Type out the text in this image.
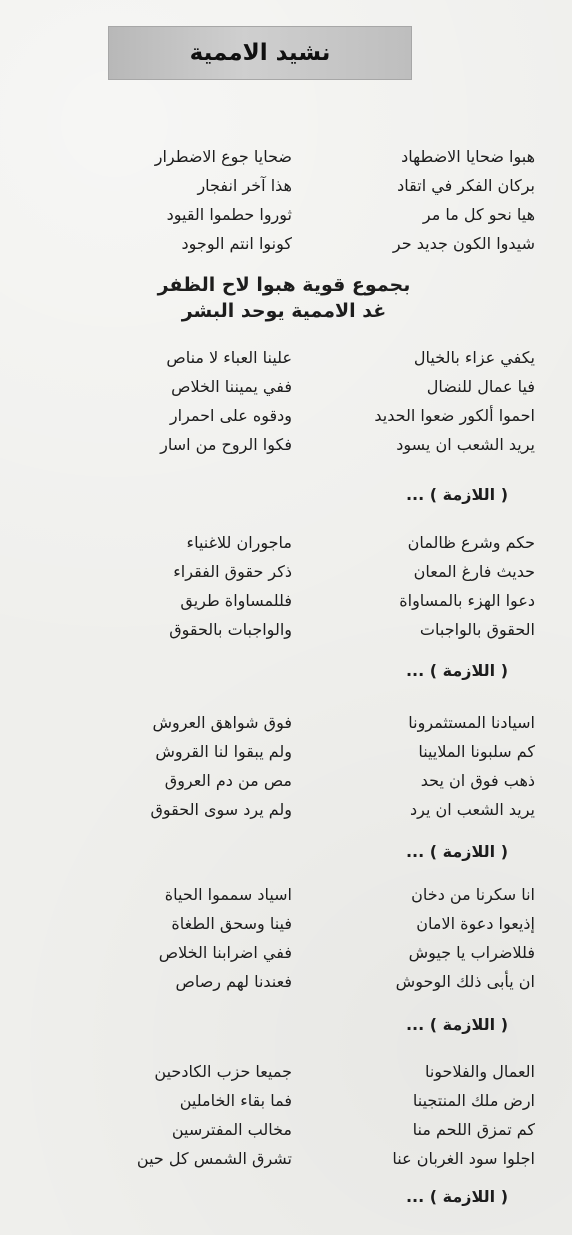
نشيد الاممية
هبوا ضحايا الاضطهاد
بركان الفكر في اتقاد
هيا نحو كل ما مر
شيدوا الكون جديد حر
ضحايا جوع الاضطرار
هذا آخر انفجار
ثوروا حطموا القيود
كونوا انتم الوجود
بجموع قوية هبوا لاح الظفر
غد الاممية يوحد البشر
يكفي عزاء بالخيال
فيا عمال للنضال
احموا ألكور ضعوا الحديد
يريد الشعب ان يسود
علينا العباء لا مناص
ففي يميننا الخلاص
ودقوه على احمرار
فكوا الروح من اسار
( اللازمة ) ...
حكم وشرع ظالمان
حديث فارغ المعان
دعوا الهزء بالمساواة
الحقوق بالواجبات
ماجوران للاغنياء
ذكر حقوق الفقراء
فللمساواة طريق
والواجبات بالحقوق
( اللازمة ) ...
اسيادنا المستثمرونا
كم سلبونا الملايينا
ذهب فوق ان يحد
يريد الشعب ان يرد
فوق شواهق العروش
ولم يبقوا لنا القروش
مص من دم العروق
ولم يرد سوى الحقوق
( اللازمة ) ...
انا سكرنا من دخان
إذيعوا دعوة الامان
فللاضراب يا جيوش
ان يأبى ذلك الوحوش
اسياد سمموا الحياة
فينا وسحق الطغاة
ففي اضرابنا الخلاص
فعندنا لهم رصاص
( اللازمة ) ...
العمال والفلاحونا
ارض ملك المنتجينا
كم تمزق اللحم منا
اجلوا سود الغربان عنا
جميعا حزب الكادحين
فما بقاء الخاملين
مخالب المفترسين
تشرق الشمس كل حين
( اللازمة ) ...
